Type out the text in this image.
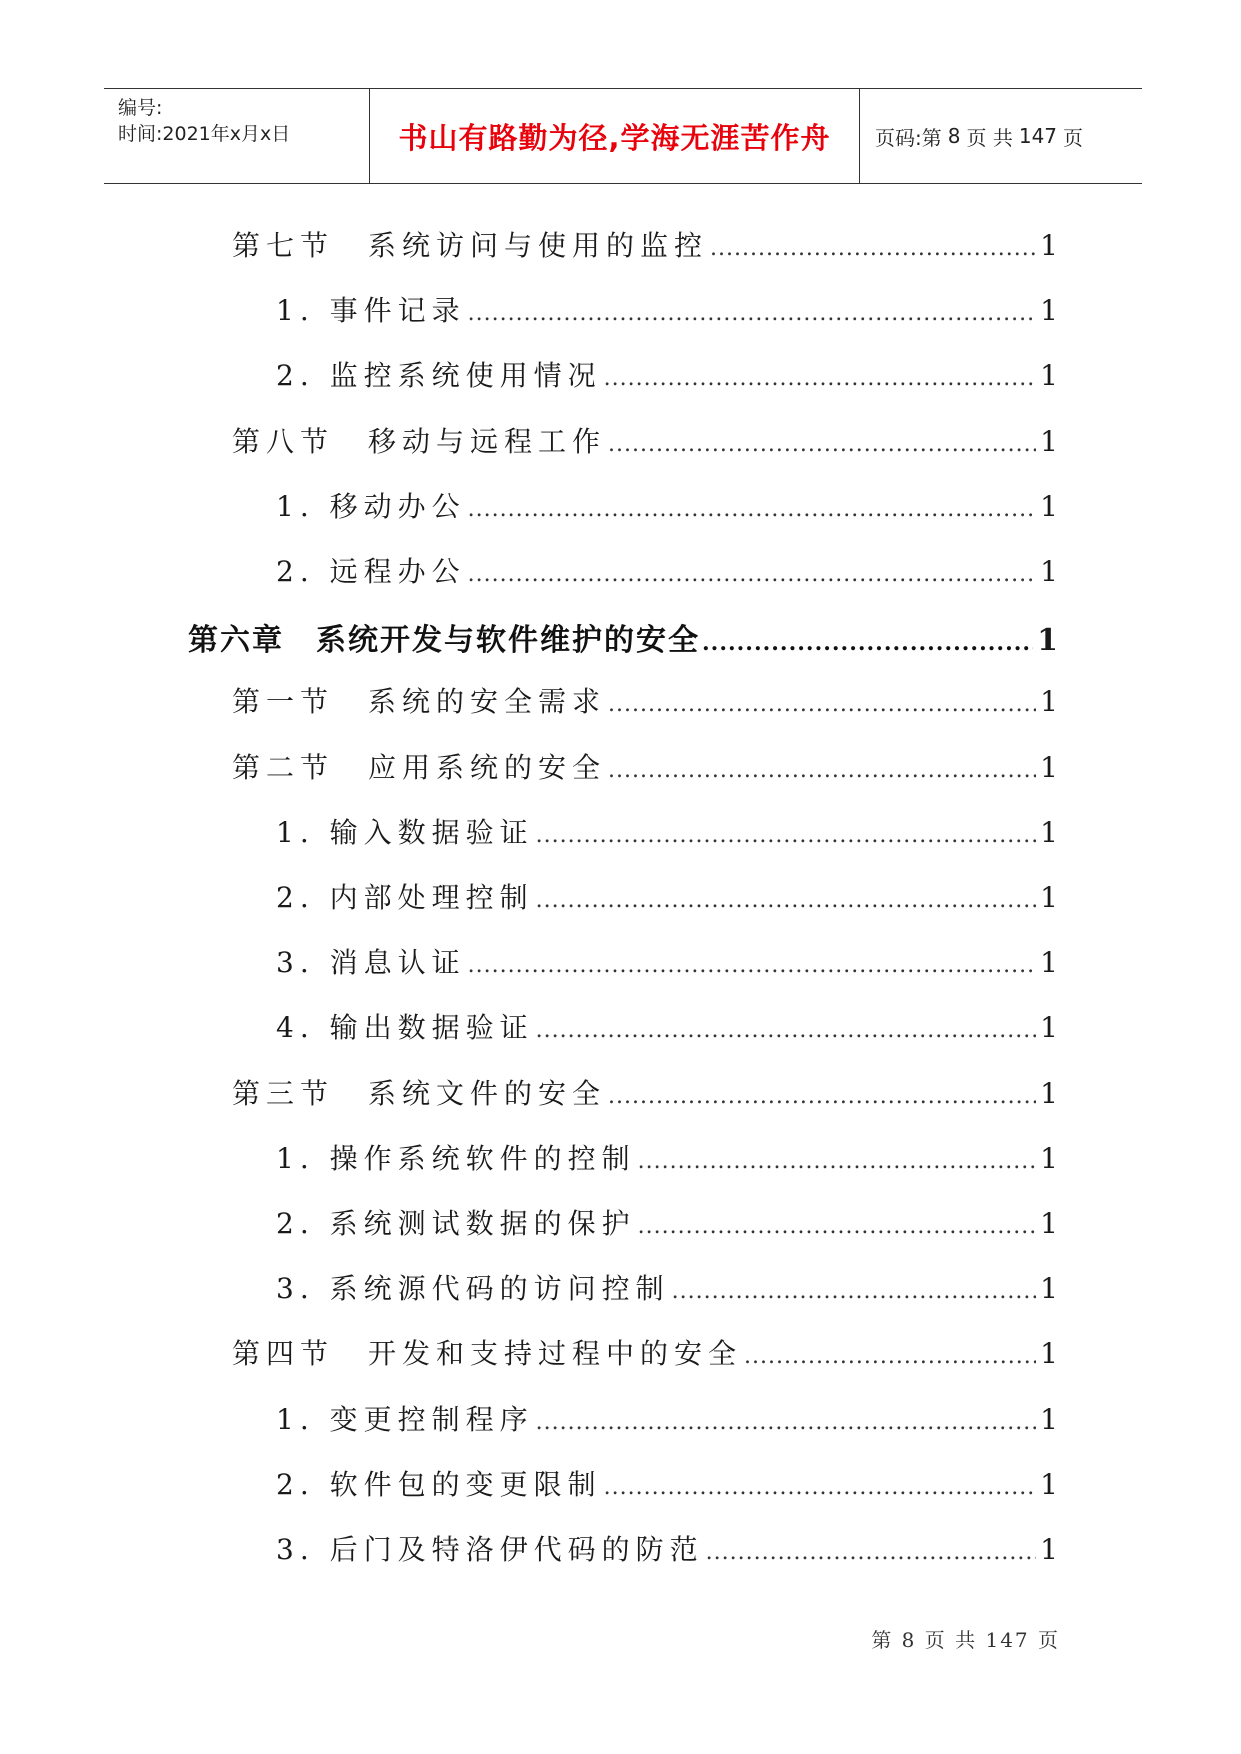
编号:
时间:2021年x月x日	书山有路勤为径,学海无涯苦作舟	页码:第 8 页 共 147 页
第七节　系统访问与使用的监控 .....	1
1. 事件记录 .....	1
2. 监控系统使用情况 .....	1
第八节　移动与远程工作 .....	1
1. 移动办公 .....	1
2. 远程办公 .....	1
第六章　系统开发与软件维护的安全 .....	1
第一节　系统的安全需求 .....	1
第二节　应用系统的安全 .....	1
1. 输入数据验证 .....	1
2. 内部处理控制 .....	1
3. 消息认证 .....	1
4. 输出数据验证 .....	1
第三节　系统文件的安全 .....	1
1. 操作系统软件的控制 .....	1
2. 系统测试数据的保护 .....	1
3. 系统源代码的访问控制 .....	1
第四节　开发和支持过程中的安全 .....	1
1. 变更控制程序 .....	1
2. 软件包的变更限制 .....	1
3. 后门及特洛伊代码的防范 .....	1
第 8 页 共 147 页
